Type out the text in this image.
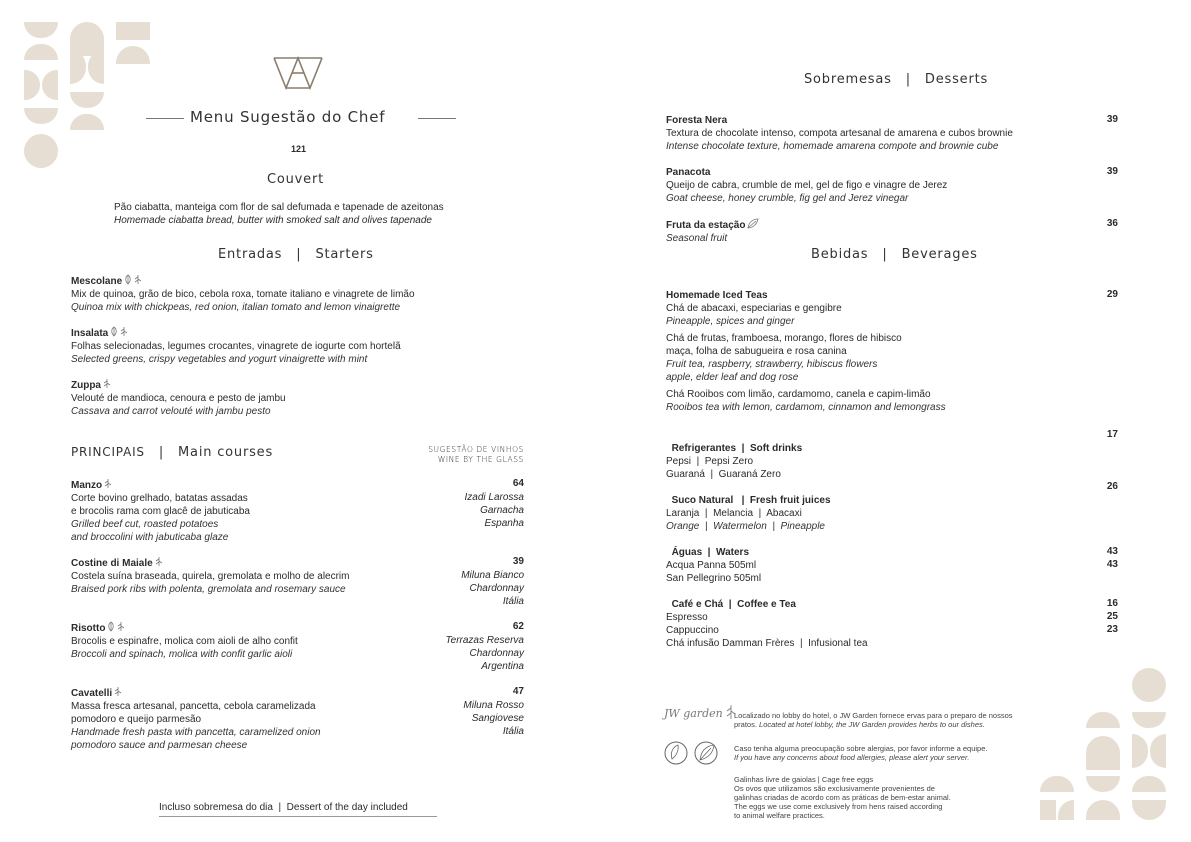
Menu Sugestão do Chef
121
Couvert
Pão ciabatta, manteiga com flor de sal defumada e tapenade de azeitonas
Homemade ciabatta bread, butter with smoked salt and olives tapenade
Entradas | Starters
Mescolane
Mix de quinoa, grão de bico, cebola roxa, tomate italiano e vinagrete de limão
Quinoa mix with chickpeas, red onion, italian tomato and lemon vinaigrette
Insalata
Folhas selecionadas, legumes crocantes, vinagrete de iogurte com hortelã
Selected greens, crispy vegetables and yogurt vinaigrette with mint
Zuppa
Velouté de mandioca, cenoura e pesto de jambu
Cassava and carrot velouté with jambu pesto
PRINCIPAIS | Main courses	SUGESTÃO DE VINHOS
WINE BY THE GLASS
Manzo
Corte bovino grelhado, batatas assadas
e brocolis rama com glacê de jabuticaba
Grilled beef cut, roasted potatoes
and broccolini with jabuticaba glaze
64
Izadi Larossa
Garnacha
Espanha
Costine di Maiale
Costela suína braseada, quirela, gremolata e molho de alecrim
Braised pork ribs with polenta, gremolata and rosemary sauce
39
Miluna Bianco
Chardonnay
Itália
Risotto
Brocolis e espinafre, molica com aioli de alho confit
Broccoli and spinach, molica with confit garlic aioli
62
Terrazas Reserva
Chardonnay
Argentina
Cavatelli
Massa fresca artesanal, pancetta, cebola caramelizada
pomodoro e queijo parmesão
Handmade fresh pasta with pancetta, caramelized onion
pomodoro sauce and parmesan cheese
47
Miluna Rosso
Sangiovese
Itália
Incluso sobremesa do dia  |  Dessert of the day included
Sobremesas | Desserts
Foresta Nera
Textura de chocolate intenso, compota artesanal de amarena e cubos brownie
Intense chocolate texture, homemade amarena compote and brownie cube
39
Panacota
Queijo de cabra, crumble de mel, gel de figo e vinagre de Jerez
Goat cheese, honey crumble, fig gel and Jerez vinegar
39
Fruta da estação
Seasonal fruit
36
Bebidas | Beverages
Homemade Iced Teas
Chá de abacaxi, especiarias e gengibre
Pineapple, spices and ginger
Chá de frutas, framboesa, morango, flores de hibisco
maça, folha de sabugueira e rosa canina
Fruit tea, raspberry, strawberry, hibiscus flowers
apple, elder leaf and dog rose
Chá Rooibos com limão, cardamomo, canela e capim-limão
Rooibos tea with lemon, cardamom, cinnamon and lemongrass
29

Refrigerantes  |  Soft drinks
Pepsi  |  Pepsi Zero
Guaraná  |  Guaraná Zero

17

Suco Natural   |  Fresh fruit juices
Laranja  |  Melancia  |  Abacaxi
Orange  |  Watermelon  |  Pineapple

26

Águas  |  Waters
Acqua Panna 505ml
San Pellegrino 505ml

43
43

Café e Chá  |  Coffee e Tea
Espresso
Cappuccino
Chá infusão Damman Frères  |  Infusional tea

16
25
23
JW garden	Localizado no lobby do hotel, o JW Garden fornece ervas para o preparo de nossos
pratos. Located at hotel lobby, the JW Garden provides herbs to our dishes.
Caso tenha alguma preocupação sobre alergias, por favor informe a equipe.
If you have any concerns about food allergies, please alert your server.
Galinhas livre de gaiolas | Cage free eggs
Os ovos que utilizamos são exclusivamente provenientes de
galinhas criadas de acordo com as práticas de bem-estar animal.
The eggs we use come exclusively from hens raised according
to animal welfare practices.
